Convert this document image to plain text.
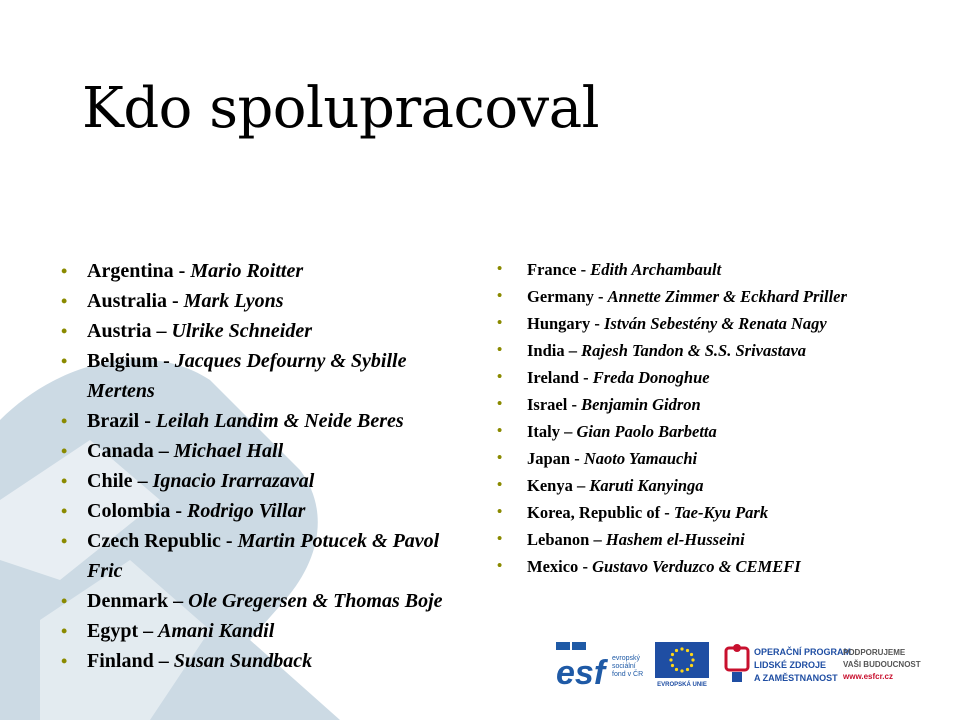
Kdo spolupracoval
• Argentina - Mario Roitter
• Australia - Mark Lyons
• Austria – Ulrike Schneider
• Belgium - Jacques Defourny & Sybille Mertens
• Brazil - Leilah Landim & Neide Beres
• Canada – Michael Hall
• Chile – Ignacio Irarrazaval
• Colombia - Rodrigo Villar
• Czech Republic - Martin Potucek & Pavol Fric
• Denmark – Ole Gregersen & Thomas Boje
• Egypt – Amani Kandil
• Finland – Susan Sundback
• France - Edith Archambault
• Germany - Annette Zimmer & Eckhard Priller
• Hungary - István Sebestény & Renata Nagy
• India – Rajesh Tandon & S.S. Srivastava
• Ireland - Freda Donoghue
• Israel - Benjamin Gidron
• Italy – Gian Paolo Barbetta
• Japan - Naoto Yamauchi
• Kenya – Karuti Kanyinga
• Korea, Republic of - Tae-Kyu Park
• Lebanon – Hashem el-Husseini
• Mexico - Gustavo Verduzco & CEMEFI
esf evropský
sociální
fond v ČR
EVROPSKÁ UNIE
OPERAČNÍ PROGRAM
LIDSKÉ ZDROJE
A ZAMĚSTNANOST
PODPORUJEME
VAŠI BUDOUCNOST
www.esfcr.cz
